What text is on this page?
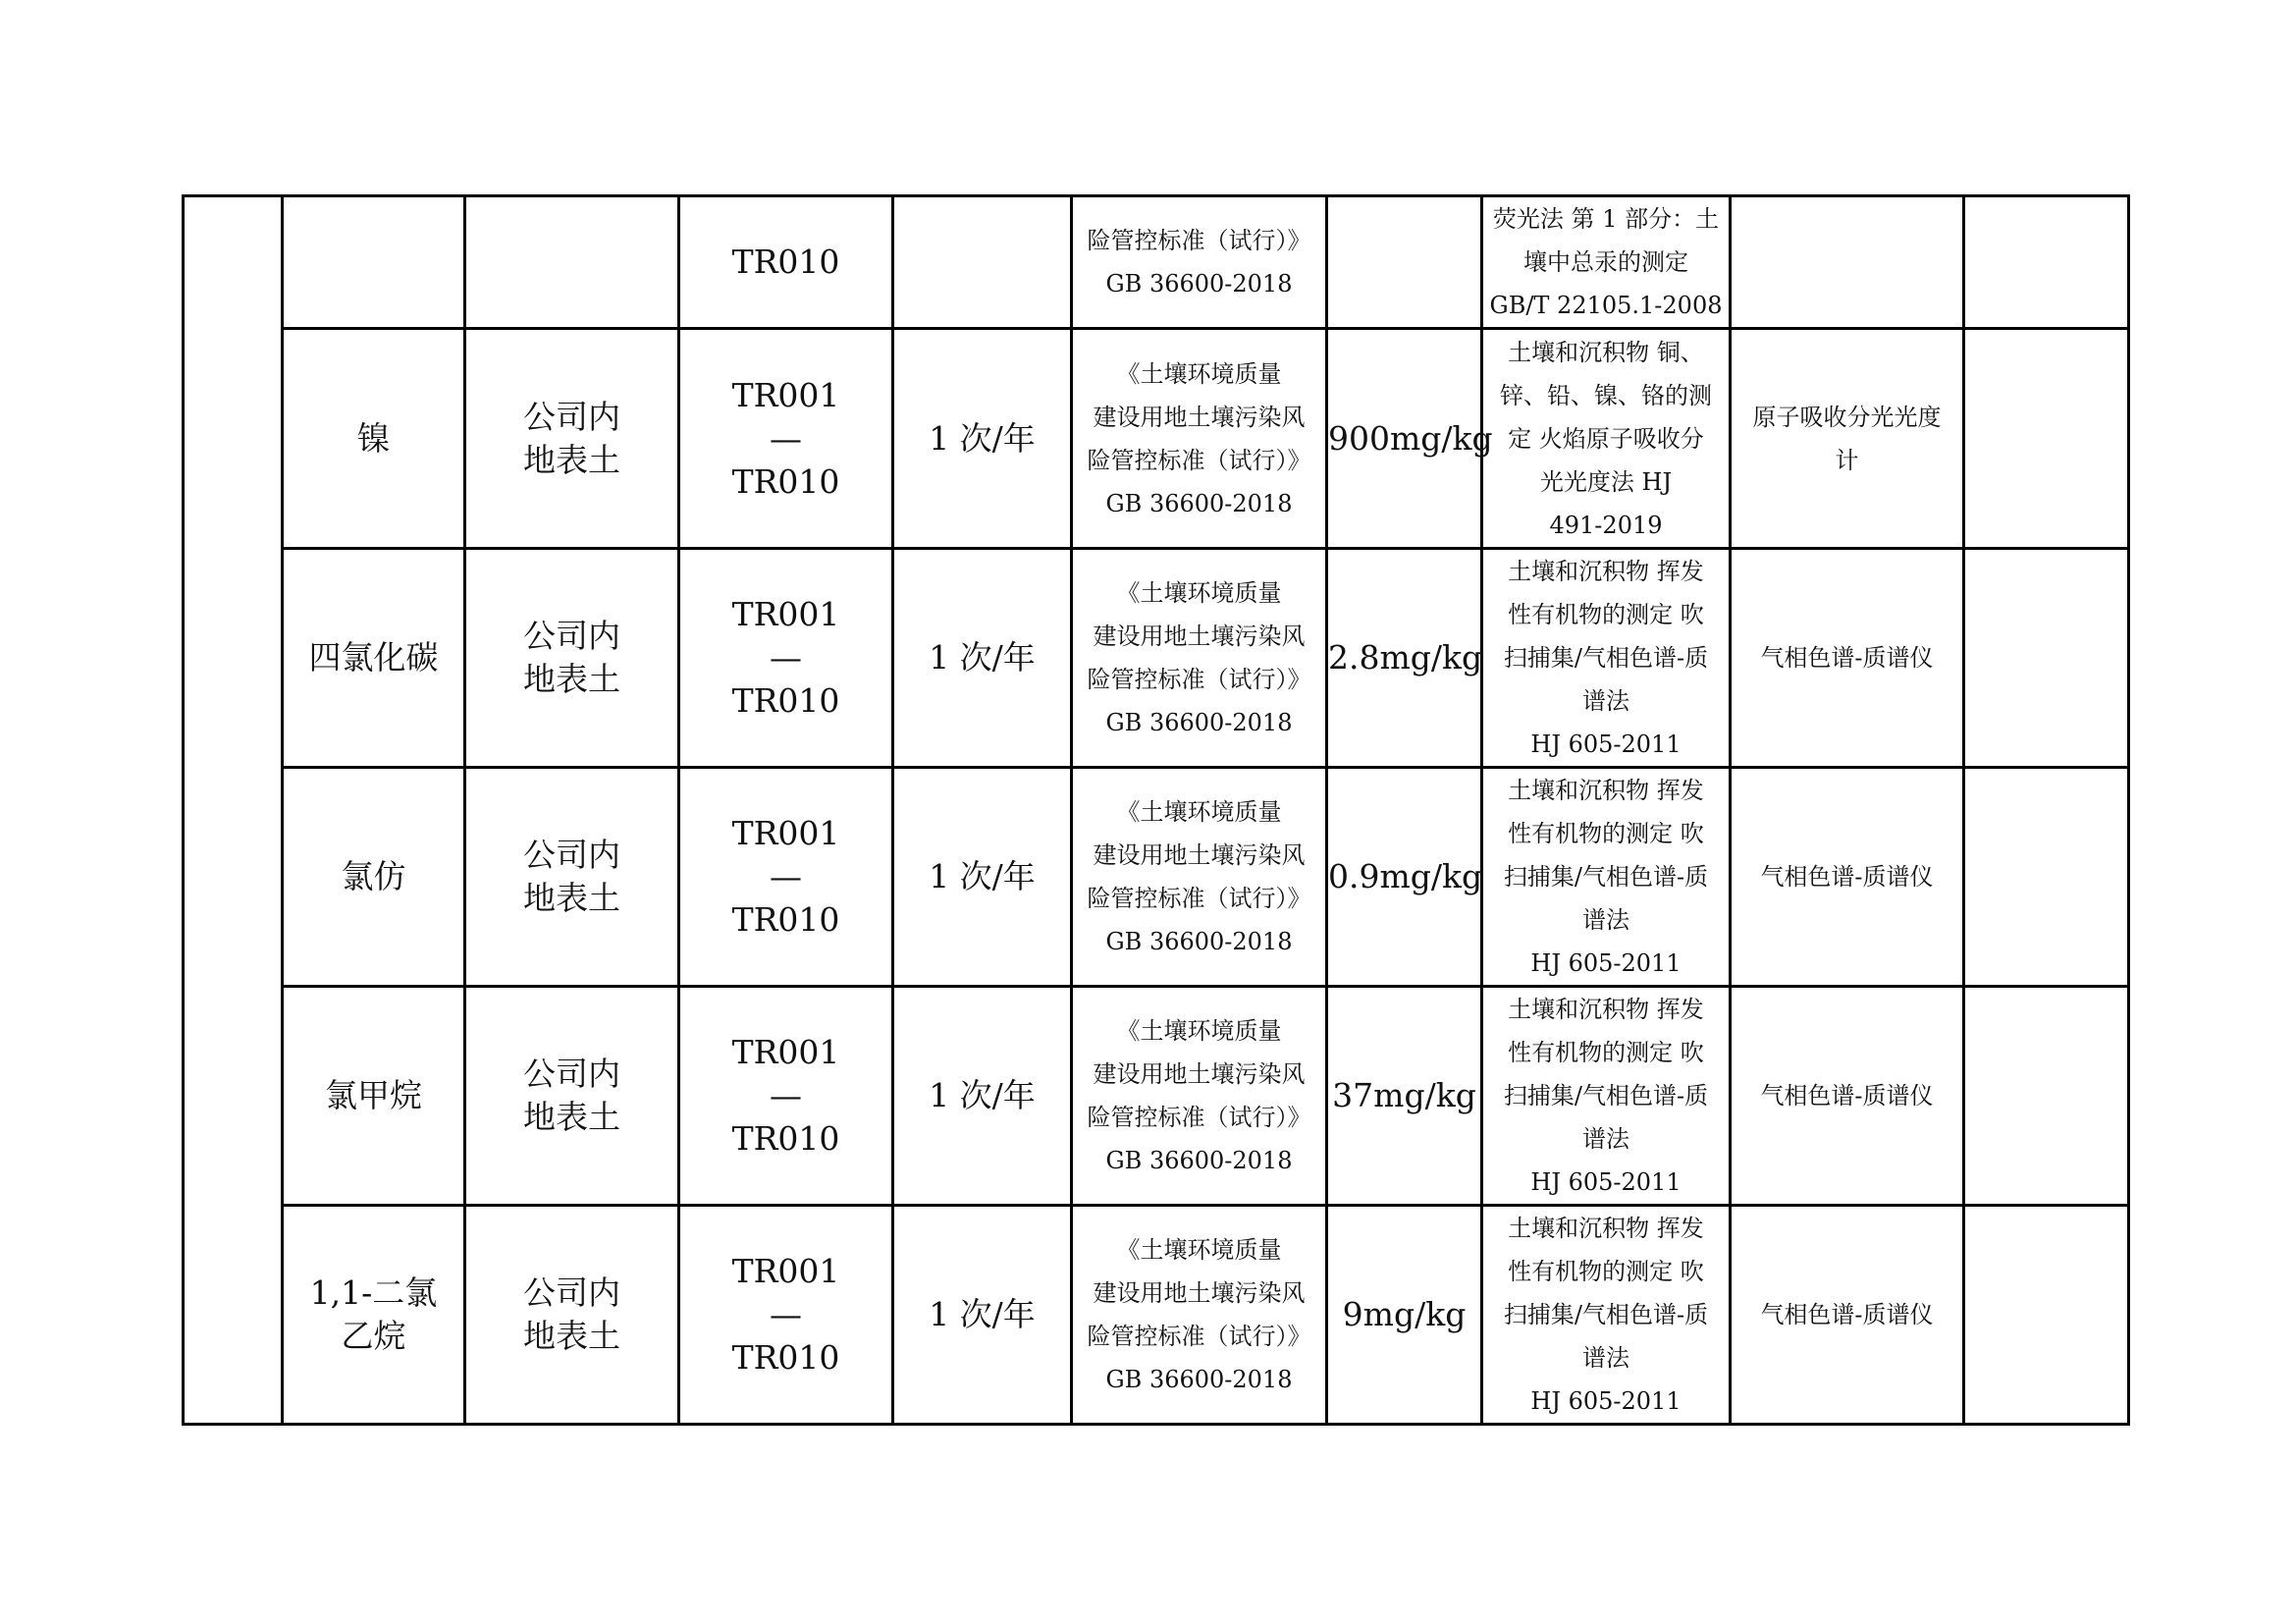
			TR010		险管控标准（试行）》
GB 36600-2018		荧光法 第 1 部分：土
壤中总汞的测定
GB/T 22105.1-2008		

	镍	公司内
地表土	TR001
—
TR010	1 次/年	《土壤环境质量
建设用地土壤污染风
险管控标准（试行）》
GB 36600-2018	900mg/kg	土壤和沉积物 铜、
锌、铅、镍、铬的测
定 火焰原子吸收分
光光度法 HJ
491-2019	原子吸收分光光度
计	

	四氯化碳	公司内
地表土	TR001
—
TR010	1 次/年	《土壤环境质量
建设用地土壤污染风
险管控标准（试行）》
GB 36600-2018	2.8mg/kg	土壤和沉积物 挥发
性有机物的测定 吹
扫捕集/气相色谱-质
谱法
HJ 605-2011	气相色谱-质谱仪	

	氯仿	公司内
地表土	TR001
—
TR010	1 次/年	《土壤环境质量
建设用地土壤污染风
险管控标准（试行）》
GB 36600-2018	0.9mg/kg	土壤和沉积物 挥发
性有机物的测定 吹
扫捕集/气相色谱-质
谱法
HJ 605-2011	气相色谱-质谱仪	

	氯甲烷	公司内
地表土	TR001
—
TR010	1 次/年	《土壤环境质量
建设用地土壤污染风
险管控标准（试行）》
GB 36600-2018	37mg/kg	土壤和沉积物 挥发
性有机物的测定 吹
扫捕集/气相色谱-质
谱法
HJ 605-2011	气相色谱-质谱仪	

	1,1-二氯
乙烷	公司内
地表土	TR001
—
TR010	1 次/年	《土壤环境质量
建设用地土壤污染风
险管控标准（试行）》
GB 36600-2018	9mg/kg	土壤和沉积物 挥发
性有机物的测定 吹
扫捕集/气相色谱-质
谱法
HJ 605-2011	气相色谱-质谱仪	
